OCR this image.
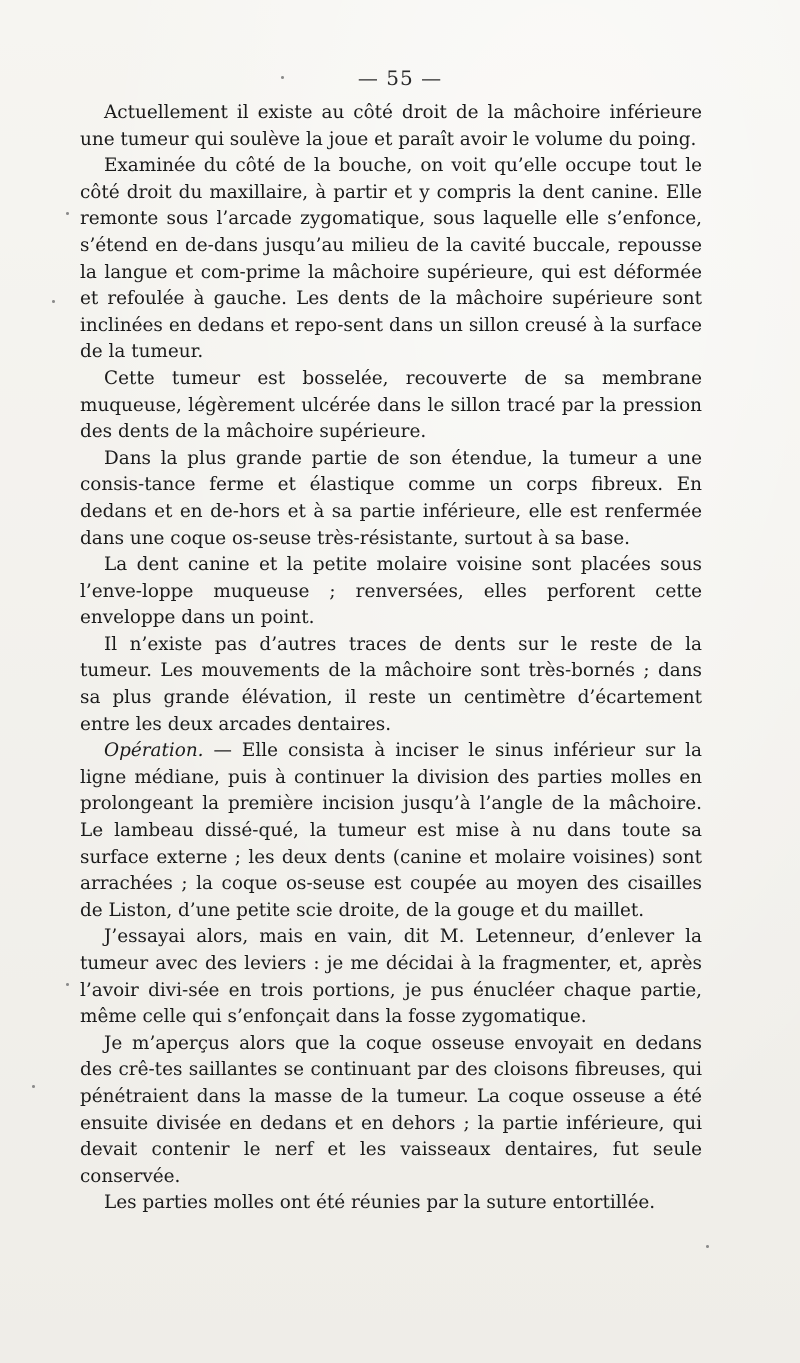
— 55 —

Actuellement il existe au côté droit de la mâchoire inférieure une tumeur qui soulève la joue et paraît avoir le volume du poing.

Examinée du côté de la bouche, on voit qu’elle occupe tout le côté droit du maxillaire, à partir et y compris la dent canine. Elle remonte sous l’arcade zygomatique, sous laquelle elle s’enfonce, s’étend en de-dans jusqu’au milieu de la cavité buccale, repousse la langue et com-prime la mâchoire supérieure, qui est déformée et refoulée à gauche. Les dents de la mâchoire supérieure sont inclinées en dedans et repo-sent dans un sillon creusé à la surface de la tumeur.

Cette tumeur est bosselée, recouverte de sa membrane muqueuse, légèrement ulcérée dans le sillon tracé par la pression des dents de la mâchoire supérieure.

Dans la plus grande partie de son étendue, la tumeur a une consis-tance ferme et élastique comme un corps fibreux. En dedans et en de-hors et à sa partie inférieure, elle est renfermée dans une coque os-seuse très-résistante, surtout à sa base.

La dent canine et la petite molaire voisine sont placées sous l’enve-loppe muqueuse ; renversées, elles perforent cette enveloppe dans un point.

Il n’existe pas d’autres traces de dents sur le reste de la tumeur. Les mouvements de la mâchoire sont très-bornés ; dans sa plus grande élévation, il reste un centimètre d’écartement entre les deux arcades dentaires.

Opération. — Elle consista à inciser le sinus inférieur sur la ligne médiane, puis à continuer la division des parties molles en prolongeant la première incision jusqu’à l’angle de la mâchoire. Le lambeau dissé-qué, la tumeur est mise à nu dans toute sa surface externe ; les deux dents (canine et molaire voisines) sont arrachées ; la coque os-seuse est coupée au moyen des cisailles de Liston, d’une petite scie droite, de la gouge et du maillet.

J’essayai alors, mais en vain, dit M. Letenneur, d’enlever la tumeur avec des leviers : je me décidai à la fragmenter, et, après l’avoir divi-sée en trois portions, je pus énucléer chaque partie, même celle qui s’enfonçait dans la fosse zygomatique.

Je m’aperçus alors que la coque osseuse envoyait en dedans des crê-tes saillantes se continuant par des cloisons fibreuses, qui pénétraient dans la masse de la tumeur. La coque osseuse a été ensuite divisée en dedans et en dehors ; la partie inférieure, qui devait contenir le nerf et les vaisseaux dentaires, fut seule conservée.

Les parties molles ont été réunies par la suture entortillée.
